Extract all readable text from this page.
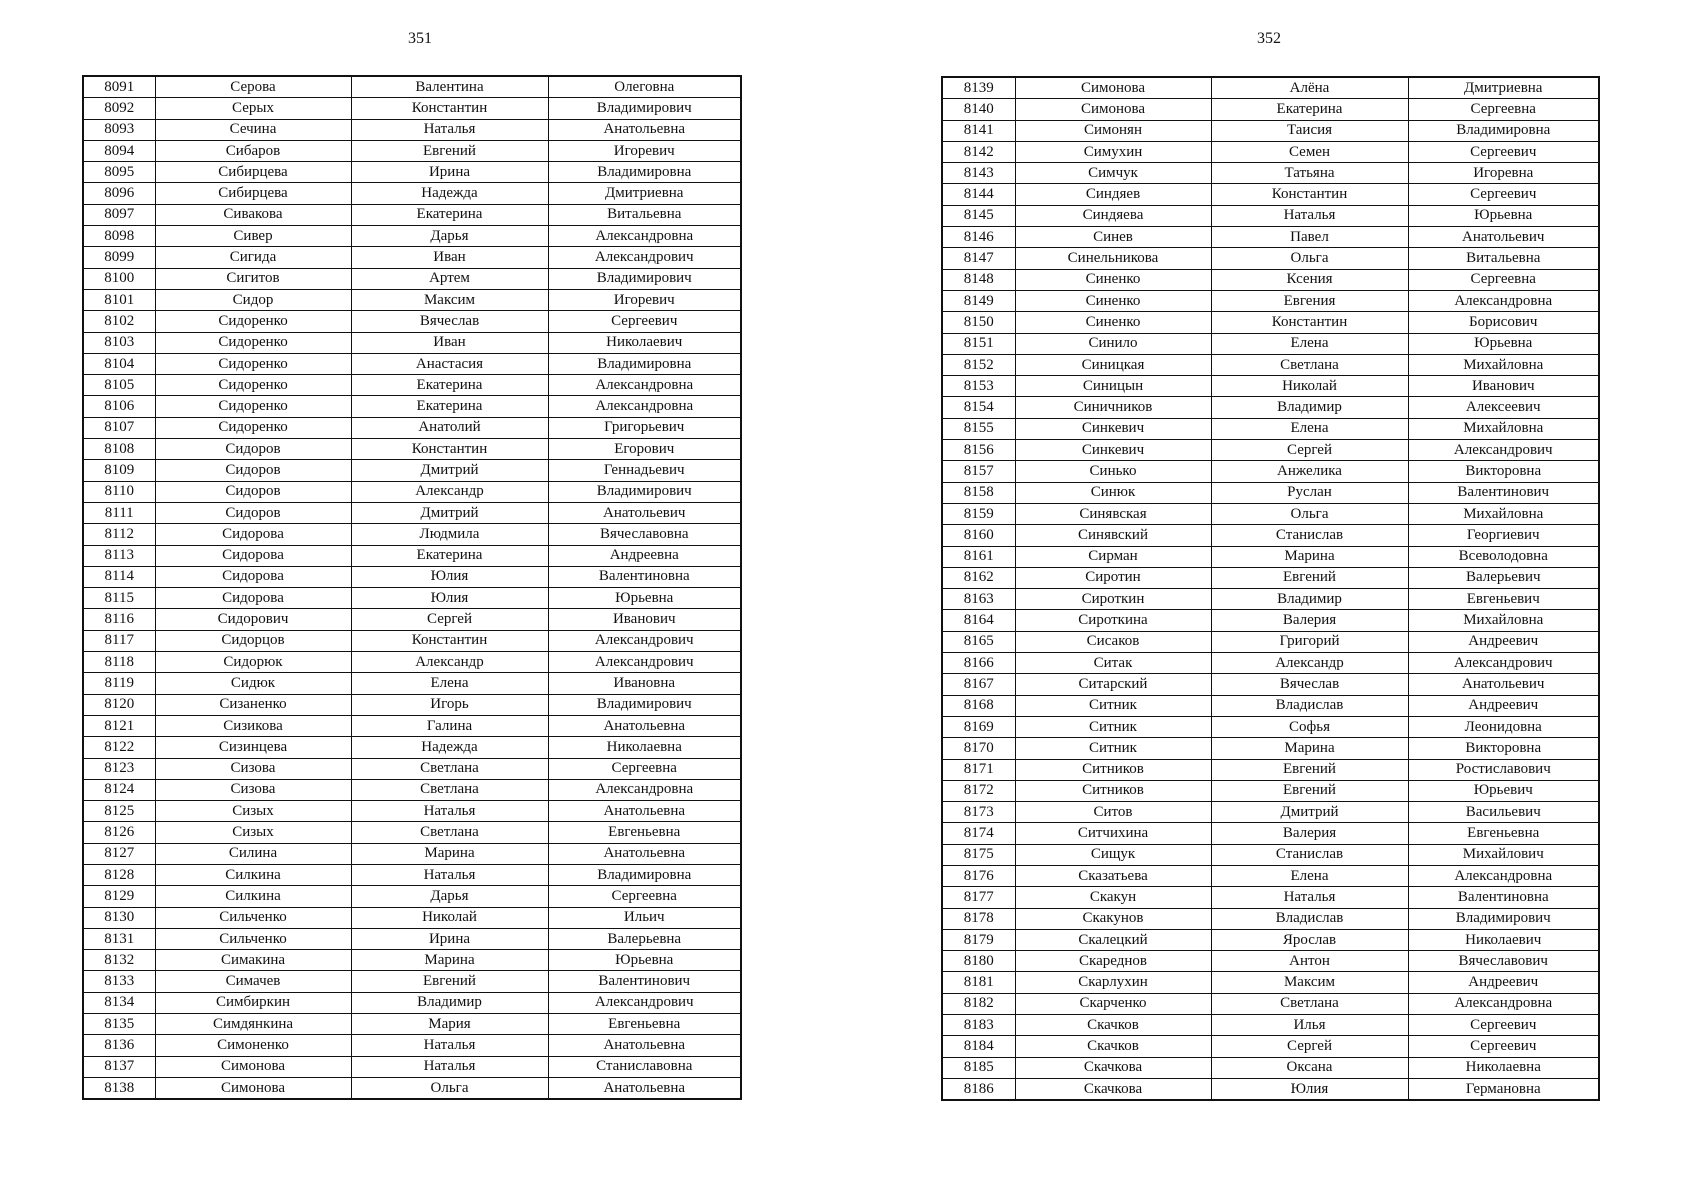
351	352
8091	Серова	Валентина	Олеговна
8092	Серых	Константин	Владимирович
8093	Сечина	Наталья	Анатольевна
8094	Сибаров	Евгений	Игоревич
8095	Сибирцева	Ирина	Владимировна
8096	Сибирцева	Надежда	Дмитриевна
8097	Сивакова	Екатерина	Витальевна
8098	Сивер	Дарья	Александровна
8099	Сигида	Иван	Александрович
8100	Сигитов	Артем	Владимирович
8101	Сидор	Максим	Игоревич
8102	Сидоренко	Вячеслав	Сергеевич
8103	Сидоренко	Иван	Николаевич
8104	Сидоренко	Анастасия	Владимировна
8105	Сидоренко	Екатерина	Александровна
8106	Сидоренко	Екатерина	Александровна
8107	Сидоренко	Анатолий	Григорьевич
8108	Сидоров	Константин	Егорович
8109	Сидоров	Дмитрий	Геннадьевич
8110	Сидоров	Александр	Владимирович
8111	Сидоров	Дмитрий	Анатольевич
8112	Сидорова	Людмила	Вячеславовна
8113	Сидорова	Екатерина	Андреевна
8114	Сидорова	Юлия	Валентиновна
8115	Сидорова	Юлия	Юрьевна
8116	Сидорович	Сергей	Иванович
8117	Сидорцов	Константин	Александрович
8118	Сидорюк	Александр	Александрович
8119	Сидюк	Елена	Ивановна
8120	Сизаненко	Игорь	Владимирович
8121	Сизикова	Галина	Анатольевна
8122	Сизинцева	Надежда	Николаевна
8123	Сизова	Светлана	Сергеевна
8124	Сизова	Светлана	Александровна
8125	Сизых	Наталья	Анатольевна
8126	Сизых	Светлана	Евгеньевна
8127	Силина	Марина	Анатольевна
8128	Силкина	Наталья	Владимировна
8129	Силкина	Дарья	Сергеевна
8130	Сильченко	Николай	Ильич
8131	Сильченко	Ирина	Валерьевна
8132	Симакина	Марина	Юрьевна
8133	Симачев	Евгений	Валентинович
8134	Симбиркин	Владимир	Александрович
8135	Симдянкина	Мария	Евгеньевна
8136	Симоненко	Наталья	Анатольевна
8137	Симонова	Наталья	Станиславовна
8138	Симонова	Ольга	Анатольевна
8139	Симонова	Алёна	Дмитриевна
8140	Симонова	Екатерина	Сергеевна
8141	Симонян	Таисия	Владимировна
8142	Симухин	Семен	Сергеевич
8143	Симчук	Татьяна	Игоревна
8144	Синдяев	Константин	Сергеевич
8145	Синдяева	Наталья	Юрьевна
8146	Синев	Павел	Анатольевич
8147	Синельникова	Ольга	Витальевна
8148	Синенко	Ксения	Сергеевна
8149	Синенко	Евгения	Александровна
8150	Синенко	Константин	Борисович
8151	Синило	Елена	Юрьевна
8152	Синицкая	Светлана	Михайловна
8153	Синицын	Николай	Иванович
8154	Синичников	Владимир	Алексеевич
8155	Синкевич	Елена	Михайловна
8156	Синкевич	Сергей	Александрович
8157	Синько	Анжелика	Викторовна
8158	Синюк	Руслан	Валентинович
8159	Синявская	Ольга	Михайловна
8160	Синявский	Станислав	Георгиевич
8161	Сирман	Марина	Всеволодовна
8162	Сиротин	Евгений	Валерьевич
8163	Сироткин	Владимир	Евгеньевич
8164	Сироткина	Валерия	Михайловна
8165	Сисаков	Григорий	Андреевич
8166	Ситак	Александр	Александрович
8167	Ситарский	Вячеслав	Анатольевич
8168	Ситник	Владислав	Андреевич
8169	Ситник	Софья	Леонидовна
8170	Ситник	Марина	Викторовна
8171	Ситников	Евгений	Ростиславович
8172	Ситников	Евгений	Юрьевич
8173	Ситов	Дмитрий	Васильевич
8174	Ситчихина	Валерия	Евгеньевна
8175	Сищук	Станислав	Михайлович
8176	Сказатьева	Елена	Александровна
8177	Скакун	Наталья	Валентиновна
8178	Скакунов	Владислав	Владимирович
8179	Скалецкий	Ярослав	Николаевич
8180	Скареднов	Антон	Вячеславович
8181	Скарлухин	Максим	Андреевич
8182	Скарченко	Светлана	Александровна
8183	Скачков	Илья	Сергеевич
8184	Скачков	Сергей	Сергеевич
8185	Скачкова	Оксана	Николаевна
8186	Скачкова	Юлия	Германовна
